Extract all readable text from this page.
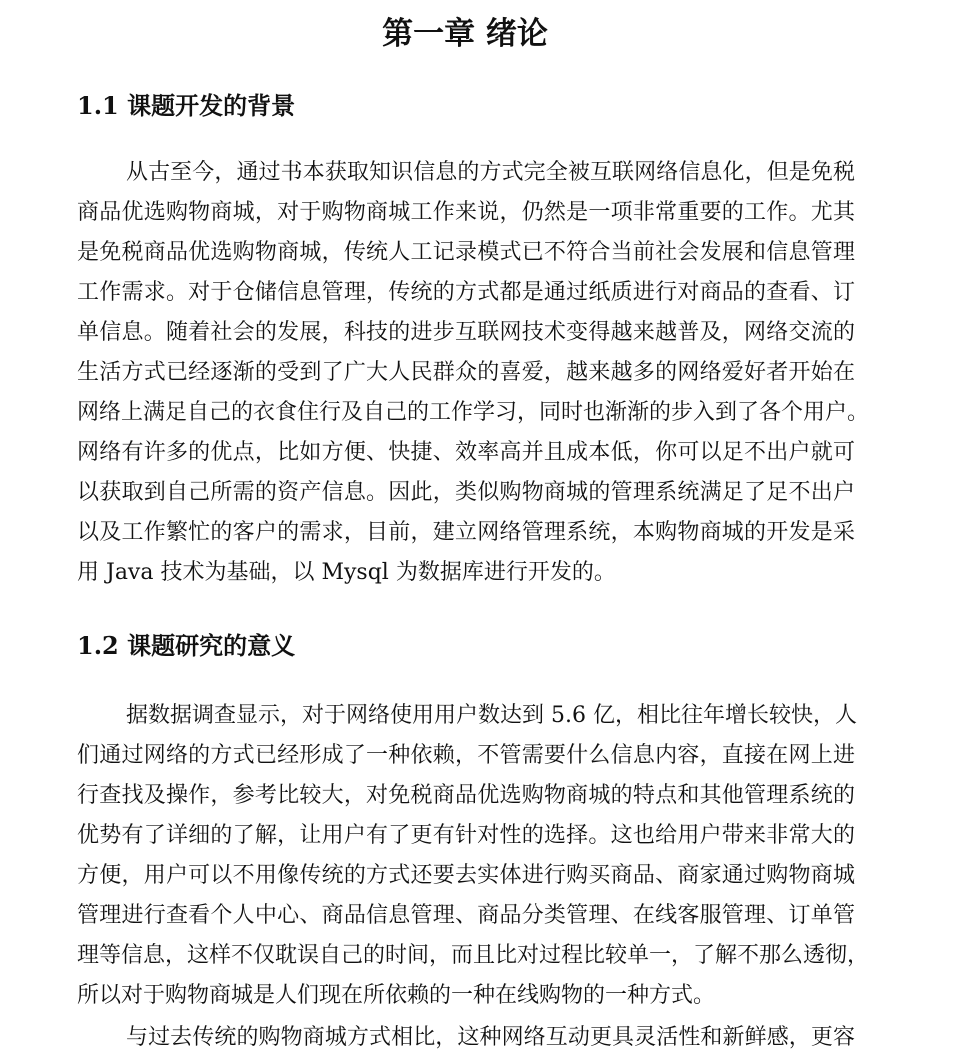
第一章 绪论
1.1 课题开发的背景
从古至今，通过书本获取知识信息的方式完全被互联网络信息化，但是免税
商品优选购物商城，对于购物商城工作来说，仍然是一项非常重要的工作。尤其
是免税商品优选购物商城，传统人工记录模式已不符合当前社会发展和信息管理
工作需求。对于仓储信息管理，传统的方式都是通过纸质进行对商品的查看、订
单信息。随着社会的发展，科技的进步互联网技术变得越来越普及，网络交流的
生活方式已经逐渐的受到了广大人民群众的喜爱，越来越多的网络爱好者开始在
网络上满足自己的衣食住行及自己的工作学习，同时也渐渐的步入到了各个用户。
网络有许多的优点，比如方便、快捷、效率高并且成本低，你可以足不出户就可
以获取到自己所需的资产信息。因此，类似购物商城的管理系统满足了足不出户
以及工作繁忙的客户的需求，目前，建立网络管理系统，本购物商城的开发是采
用 Java 技术为基础，以 Mysql 为数据库进行开发的。
1.2 课题研究的意义
据数据调查显示，对于网络使用用户数达到 5.6 亿，相比往年增长较快，人
们通过网络的方式已经形成了一种依赖，不管需要什么信息内容，直接在网上进
行查找及操作，参考比较大，对免税商品优选购物商城的特点和其他管理系统的
优势有了详细的了解，让用户有了更有针对性的选择。这也给用户带来非常大的
方便，用户可以不用像传统的方式还要去实体进行购买商品、商家通过购物商城
管理进行查看个人中心、商品信息管理、商品分类管理、在线客服管理、订单管
理等信息，这样不仅耽误自己的时间，而且比对过程比较单一，了解不那么透彻，
所以对于购物商城是人们现在所依赖的一种在线购物的一种方式。
与过去传统的购物商城方式相比，这种网络互动更具灵活性和新鲜感，更容
